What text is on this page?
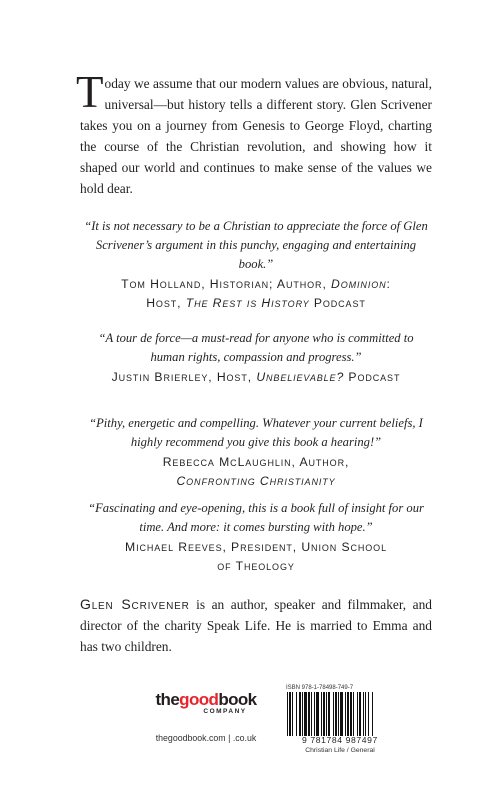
Today we assume that our modern values are obvious, natural, universal—but history tells a different story. Glen Scrivener takes you on a journey from Genesis to George Floyd, charting the course of the Christian revolution, and showing how it shaped our world and continues to make sense of the values we hold dear.
“It is not necessary to be a Christian to appreciate the force of Glen Scrivener’s argument in this punchy, engaging and entertaining book.”
Tom Holland, Historian; Author, Dominion:
Host, The Rest is History Podcast
“A tour de force—a must-read for anyone who is committed to human rights, compassion and progress.”
Justin Brierley, Host, Unbelievable? Podcast
“Pithy, energetic and compelling. Whatever your current beliefs, I highly recommend you give this book a hearing!”
Rebecca McLaughlin, Author,
Confronting Christianity
“Fascinating and eye-opening, this is a book full of insight for our time. And more: it comes bursting with hope.”
Michael Reeves, President, Union School
of Theology
Glen Scrivener is an author, speaker and filmmaker, and director of the charity Speak Life. He is married to Emma and has two children.
thegoodbook
COMPANY
thegoodbook.com | .co.uk
ISBN 978-1-78498-749-7
9 781784 987497
Christian Life / General
